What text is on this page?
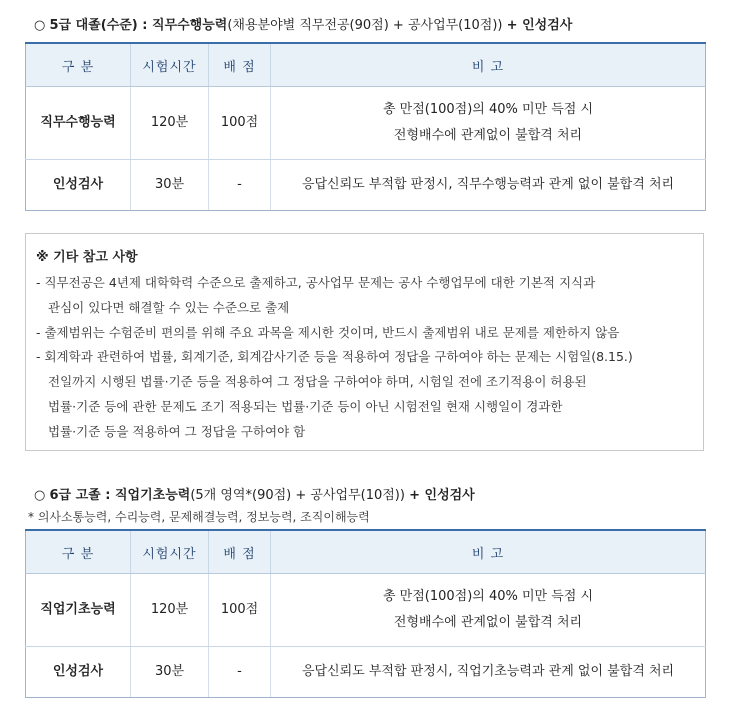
○ 5급 대졸(수준) : 직무수행능력(채용분야별 직무전공(90점) + 공사업무(10점)) + 인성검사
구 분	시험시간	배 점	비 고
직무수행능력	120분	100점	총 만점(100점)의 40% 미만 득점 시
전형배수에 관계없이 불합격 처리

인성검사	30분	-	응답신뢰도 부적합 판정시, 직무수행능력과 관계 없이 불합격 처리
※ 기타 참고 사항
- 직무전공은 4년제 대학학력 수준으로 출제하고, 공사업무 문제는 공사 수행업무에 대한 기본적 지식과
관심이 있다면 해결할 수 있는 수준으로 출제
- 출제범위는 수험준비 편의를 위해 주요 과목을 제시한 것이며, 반드시 출제범위 내로 문제를 제한하지 않음
- 회계학과 관련하여 법률, 회계기준, 회계감사기준 등을 적용하여 정답을 구하여야 하는 문제는 시험일(8.15.)
전일까지 시행된 법률·기준 등을 적용하여 그 정답을 구하여야 하며, 시험일 전에 조기적용이 허용된
법률·기준 등에 관한 문제도 조기 적용되는 법률·기준 등이 아닌 시험전일 현재 시행일이 경과한
법률·기준 등을 적용하여 그 정답을 구하여야 함
○ 6급 고졸 : 직업기초능력(5개 영역*(90점) + 공사업무(10점)) + 인성검사
* 의사소통능력, 수리능력, 문제해결능력, 정보능력, 조직이해능력
구 분	시험시간	배 점	비 고
직업기초능력	120분	100점	총 만점(100점)의 40% 미만 득점 시
전형배수에 관계없이 불합격 처리

인성검사	30분	-	응답신뢰도 부적합 판정시, 직업기초능력과 관계 없이 불합격 처리
